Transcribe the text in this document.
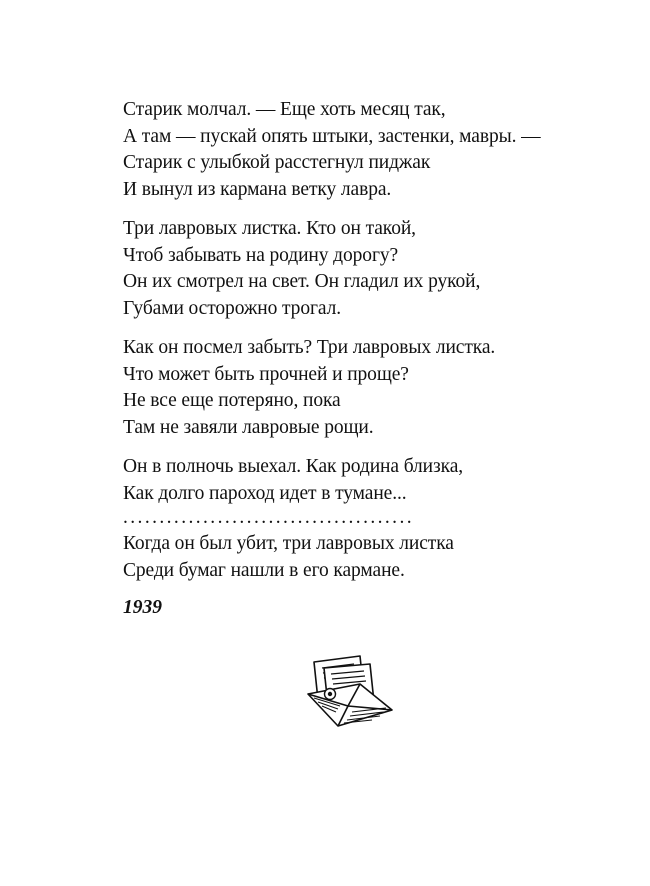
Старик молчал. — Еще хоть месяц так,
А там — пускай опять штыки, застенки, мавры. —
Старик с улыбкой расстегнул пиджак
И вынул из кармана ветку лавра.
Три лавровых листка. Кто он такой,
Чтоб забывать на родину дорогу?
Он их смотрел на свет. Он гладил их рукой,
Губами осторожно трогал.
Как он посмел забыть? Три лавровых листка.
Что может быть прочней и проще?
Не все еще потеряно, пока
Там не завяли лавровые рощи.
Он в полночь выехал. Как родина близка,
Как долго пароход идет в тумане...
........................................
Когда он был убит, три лавровых листка
Среди бумаг нашли в его кармане.
1939
